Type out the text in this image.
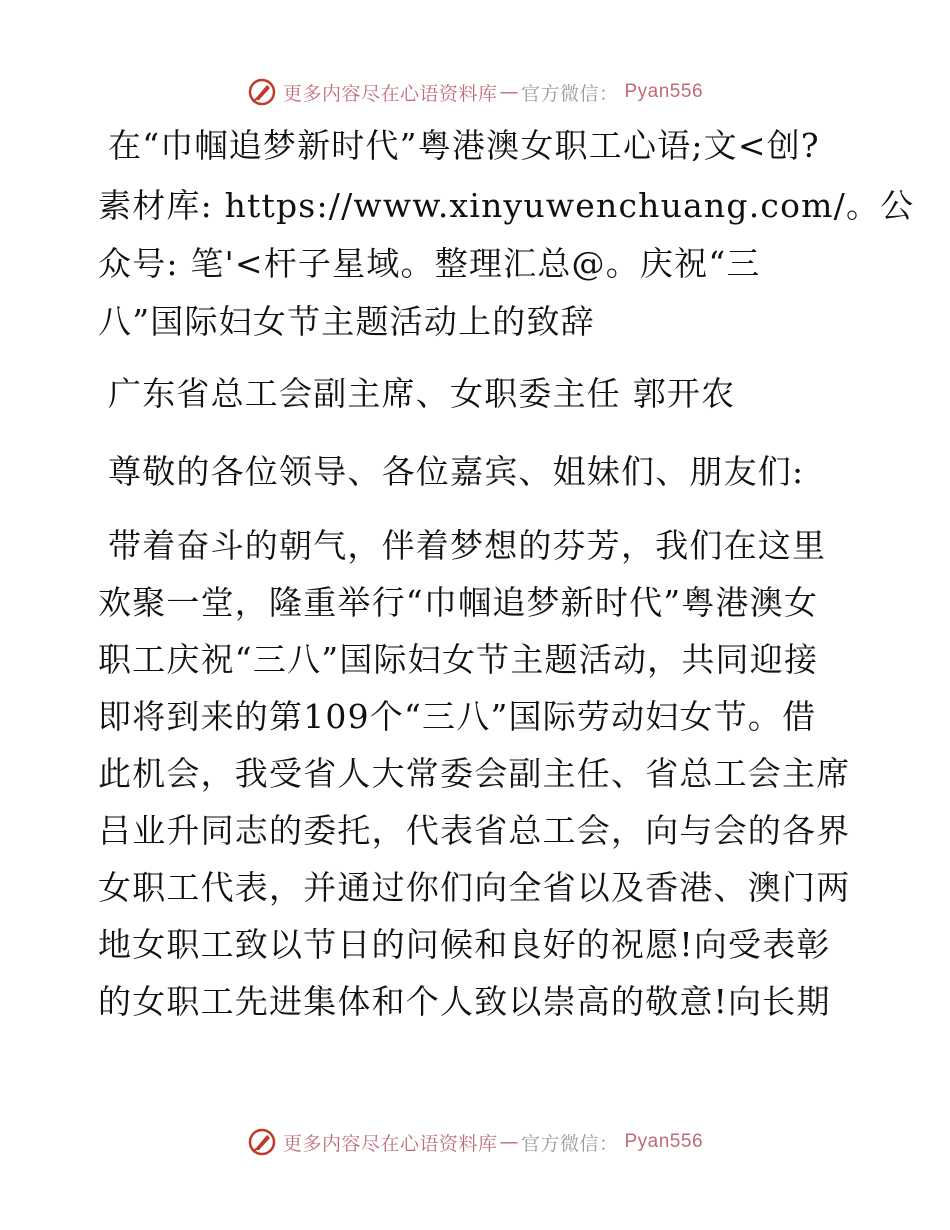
更多内容尽在心语资料库 — 官方微信： Pyan556
在“巾帼追梦新时代”粤港澳女职工心语;文<创?
素材库: https://www.xinyuwenchuang.com/。公
众号: 笔'<杆子星域。整理汇总@。庆祝“三
八”国际妇女节主题活动上的致辞
广东省总工会副主席、女职委主任 郭开农
尊敬的各位领导、各位嘉宾、姐妹们、朋友们:
带着奋斗的朝气，伴着梦想的芬芳，我们在这里
欢聚一堂，隆重举行“巾帼追梦新时代”粤港澳女
职工庆祝“三八”国际妇女节主题活动，共同迎接
即将到来的第109个“三八”国际劳动妇女节。借
此机会，我受省人大常委会副主任、省总工会主席
吕业升同志的委托，代表省总工会，向与会的各界
女职工代表，并通过你们向全省以及香港、澳门两
地女职工致以节日的问候和良好的祝愿!向受表彰
的女职工先进集体和个人致以崇高的敬意!向长期
更多内容尽在心语资料库 — 官方微信： Pyan556
